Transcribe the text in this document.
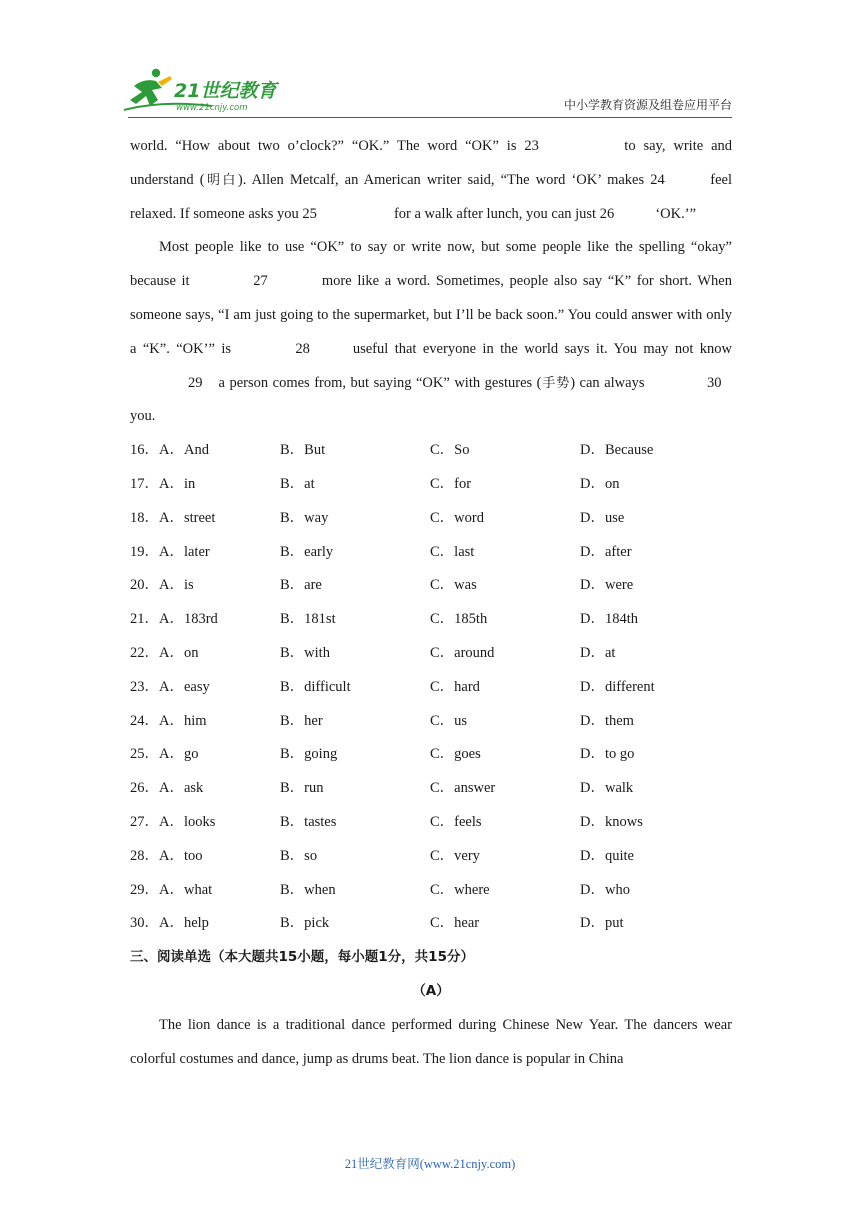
21世纪教育
www.21cnjy.com	中小学教育资源及组卷应用平台

world. “How about two o’clock?” “OK.” The word “OK” is 23	to say, write and understand (明白). Allen Metcalf, an American writer said, “The word ‘OK’ makes 24	feel relaxed. If someone asks you 25	for a walk after lunch, you can just 26	‘OK.’”

Most people like to use “OK” to say or write now, but some people like the spelling “okay” because it	27	more like a word. Sometimes, people also say “K” for short. When someone says, “I am just going to the supermarket, but I’ll be back soon.” You could answer with only a “K”. “OK’” is	28	useful that everyone in the world says it. You may not know 29 a person comes from, but saying “OK” with gestures (手势) can always	30 you.

16．A．And	B．But	C．So	D．Because
17．A．in	B．at	C．for	D．on
18．A．street	B．way	C．word	D．use
19．A．later	B．early	C．last	D．after
20．A．is	B．are	C．was	D．were
21．A．183rd	B．181st	C．185th	D．184th
22．A．on	B．with	C．around	D．at
23．A．easy	B．difficult	C．hard	D．different
24．A．him	B．her	C．us	D．them
25．A．go	B．going	C．goes	D．to go
26．A．ask	B．run	C．answer	D．walk
27．A．looks	B．tastes	C．feels	D．knows
28．A．too	B．so	C．very	D．quite
29．A．what	B．when	C．where	D．who
30．A．help	B．pick	C．hear	D．put
三、阅读单选（本大题共15小题，每小题1分，共15分）
（A）

The lion dance is a traditional dance performed during Chinese New Year. The dancers wear colorful costumes and dance, jump as drums beat. The lion dance is popular in China

21世纪教育网(www.21cnjy.com)
